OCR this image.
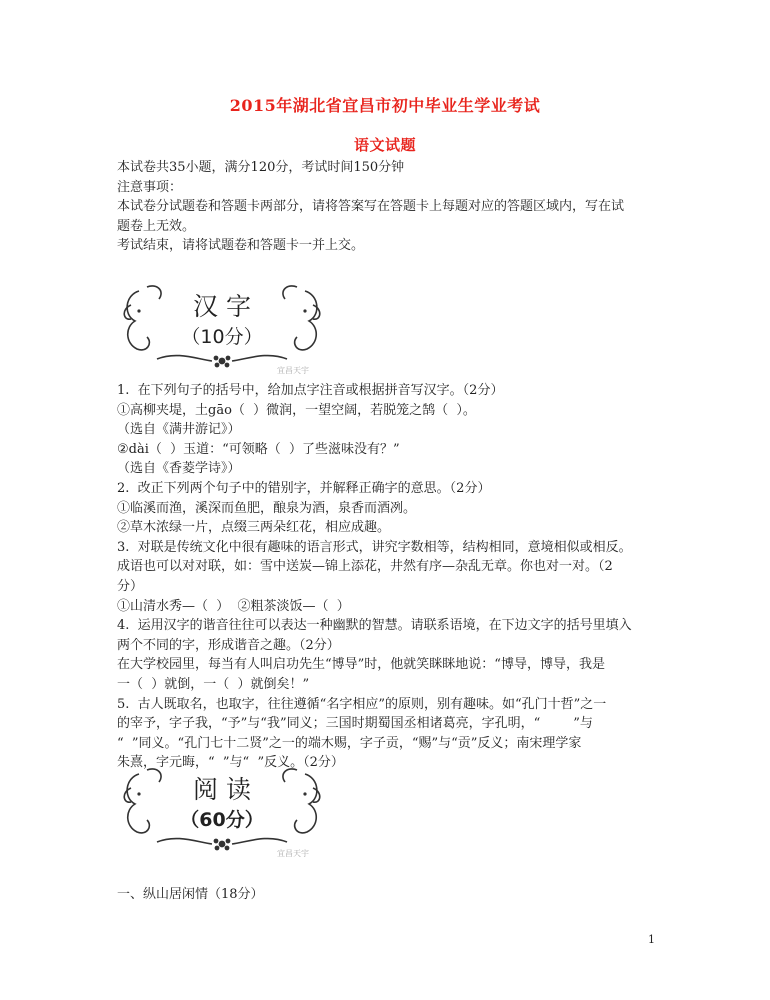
2015年湖北省宜昌市初中毕业生学业考试
语文试题

本试卷共35小题，满分120分，考试时间150分钟

注意事项：

本试卷分试题卷和答题卡两部分，请将答案写在答题卡上每题对应的答题区域内，写在试

题卷上无效。

考试结束，请将试题卷和答题卡一并上交。

汉 字
（10分）
宜昌天宇

1.  在下列句子的括号中，给加点字注音或根据拼音写汉字。（2分）

①高柳夹堤，土gāo（  ）微润，一望空阔，若脱笼之鹄（  ）。

（选自《满井游记》）

②dài（  ）玉道：“可领略（  ）了些滋味没有？”

（选自《香菱学诗》）

2.  改正下列两个句子中的错别字，并解释正确字的意思。（2分）

①临溪而渔，溪深而鱼肥，酿泉为酒，泉香而酒冽。

②草木浓绿一片，点缀三两朵红花，相应成趣。

3.  对联是传统文化中很有趣味的语言形式，讲究字数相等，结构相同，意境相似或相反。

成语也可以对对联，如：雪中送炭—锦上添花，井然有序—杂乱无章。你也对一对。（2

分）

①山清水秀—（  ）  ②粗茶淡饭—（  ）

4.  运用汉字的谐音往往可以表达一种幽默的智慧。请联系语境，在下边文字的括号里填入

两个不同的字，形成谐音之趣。（2分）

在大学校园里，每当有人叫启功先生“博导”时，他就笑眯眯地说：“博导，博导，我是

一（  ）就倒，一（  ）就倒矣！”

5.  古人既取名，也取字，往往遵循“名字相应”的原则，别有趣味。如“孔门十哲”之一

的宰予，字子我，“予”与“我”同义；三国时期蜀国丞相诸葛亮，字孔明，“        ”与

“  ”同义。“孔门七十二贤”之一的端木赐，字子贡，“赐”与“贡”反义；南宋理学家

朱熹，字元晦，“  ”与“  ”反义。（2分）

阅 读
（60分）
宜昌天宇
一、纵山居闲情（18分）
1
